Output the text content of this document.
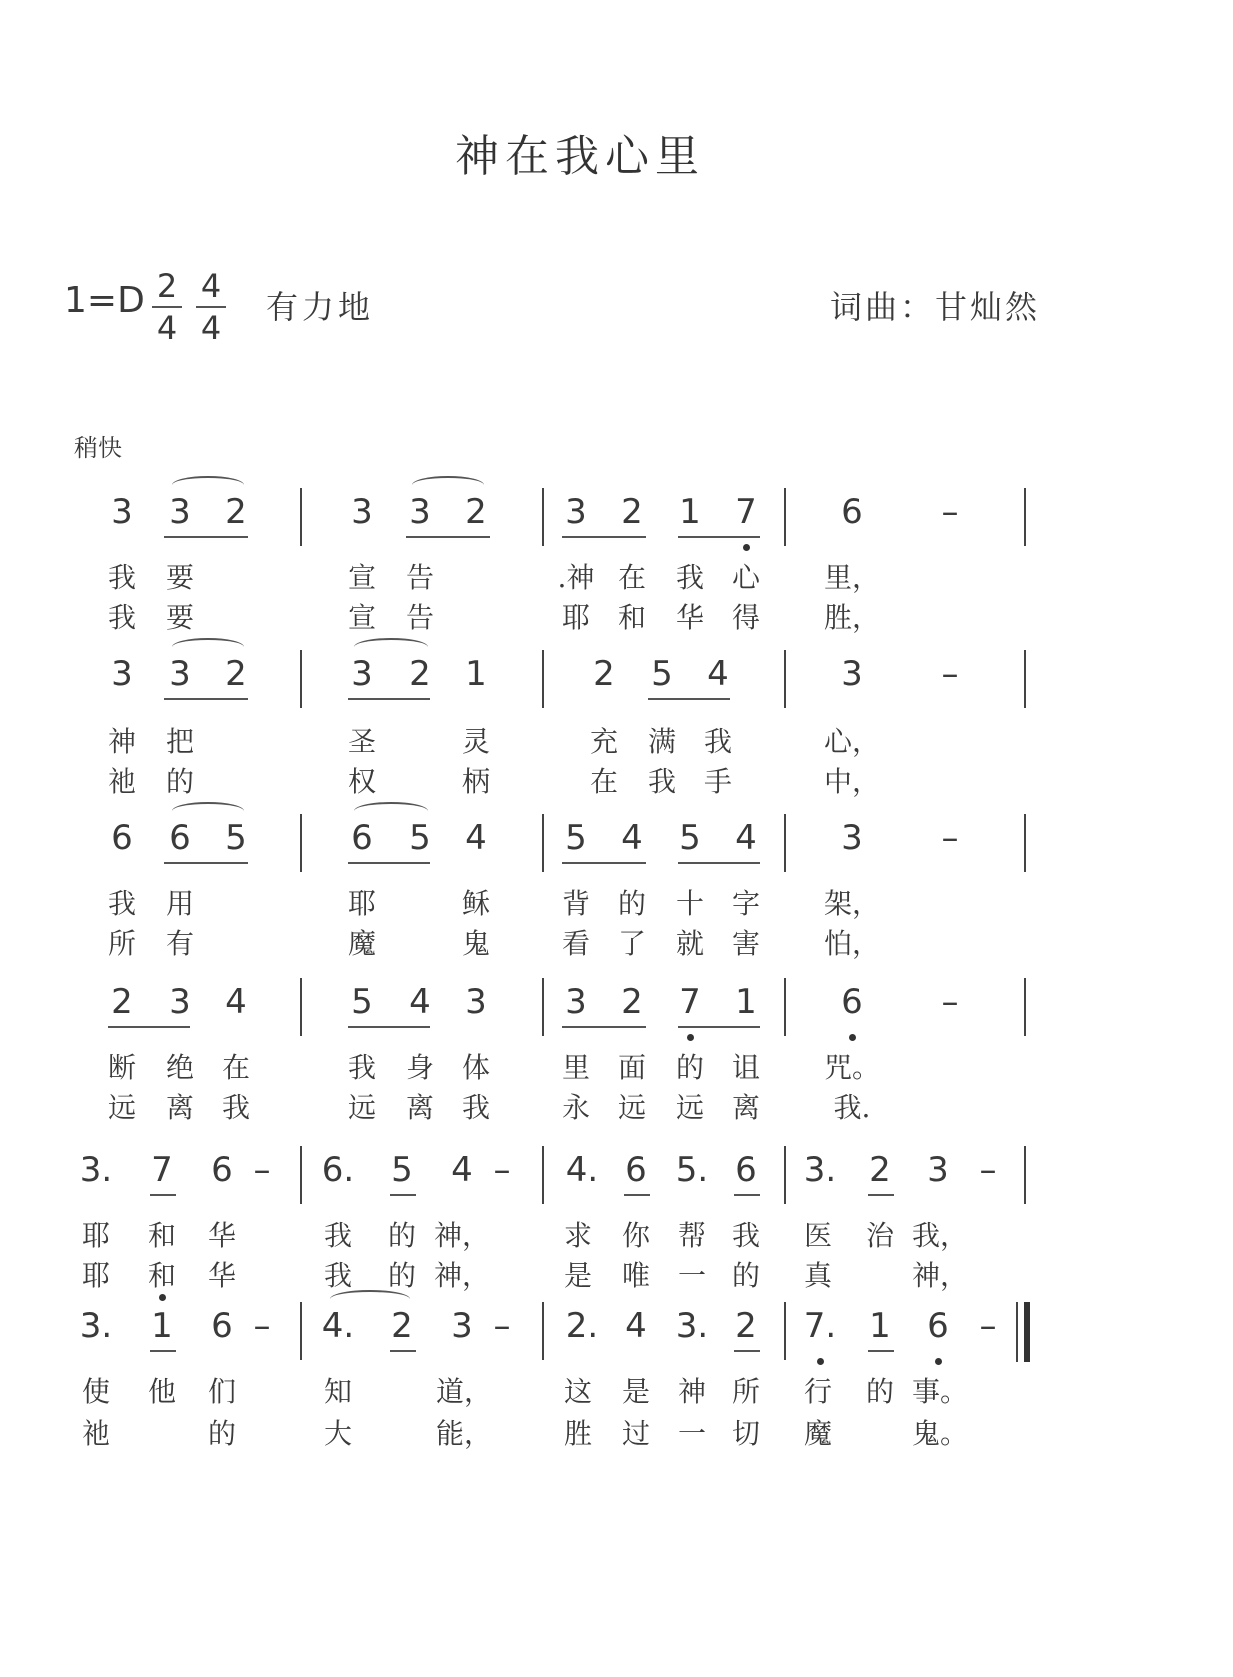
神在我心里
1=D 2
4
4
4
有力地	词曲：甘灿然
稍快
3 3 2	3 3 2 3 2 1 7 6 –
我 要	宣 告	.神 在 我 心 里，
我 要	宣 告	耶 和 华 得 胜，
3 3 2	3 2 1	2 5 4	3 –
神 把	圣	灵	充 满 我	心，
祂 的	权	柄	在 我 手	中，
6 6 5	6 5 4 5 4 5 4 3 –
我 用	耶	稣	背 的 十 字 架，
所 有	魔	鬼	看 了 就 害 怕，
2 3 4	5 4 3 3 2 7 1 6 –
断 绝 在	我 身 体	里 面 的 诅 咒。
远 离 我	远 离 我	永 远 远 离	我.
3. 7 6 – 6. 5 4 – 4. 6 5. 6 3. 2 3 –
耶 和 华	我 的 神，	求 你 帮 我 医 治 我，
耶 和 华	我 的 神，	是 唯 一 的 真	神，
3. 1 6 – 4. 2 3 – 2. 4 3. 2 7. 1 6 –
使 他 们	知	道，	这 是 神 所 行 的 事。
祂	的	大	能，	胜 过 一 切 魔	鬼。
